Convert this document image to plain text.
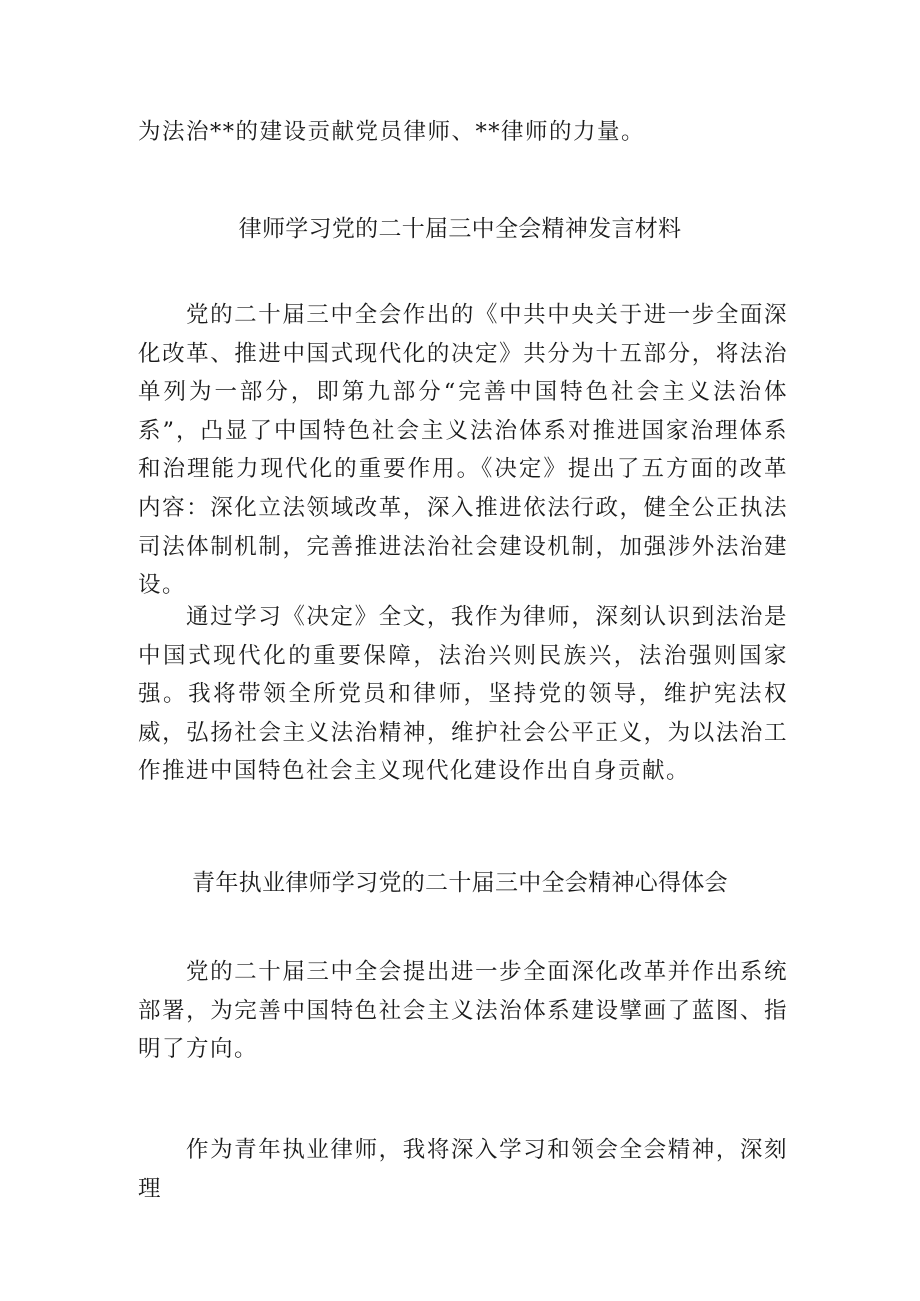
为法治**的建设贡献党员律师、**律师的力量。

律师学习党的二十届三中全会精神发言材料

党的二十届三中全会作出的《中共中央关于进一步全面深化改革、推进中国式现代化的决定》共分为十五部分，将法治单列为一部分，即第九部分“完善中国特色社会主义法治体系”，凸显了中国特色社会主义法治体系对推进国家治理体系和治理能力现代化的重要作用。《决定》提出了五方面的改革内容：深化立法领域改革，深入推进依法行政，健全公正执法司法体制机制，完善推进法治社会建设机制，加强涉外法治建设。

通过学习《决定》全文，我作为律师，深刻认识到法治是中国式现代化的重要保障，法治兴则民族兴，法治强则国家强。我将带领全所党员和律师，坚持党的领导，维护宪法权威，弘扬社会主义法治精神，维护社会公平正义，为以法治工作推进中国特色社会主义现代化建设作出自身贡献。

青年执业律师学习党的二十届三中全会精神心得体会

党的二十届三中全会提出进一步全面深化改革并作出系统部署，为完善中国特色社会主义法治体系建设擘画了蓝图、指明了方向。

作为青年执业律师，我将深入学习和领会全会精神，深刻理
